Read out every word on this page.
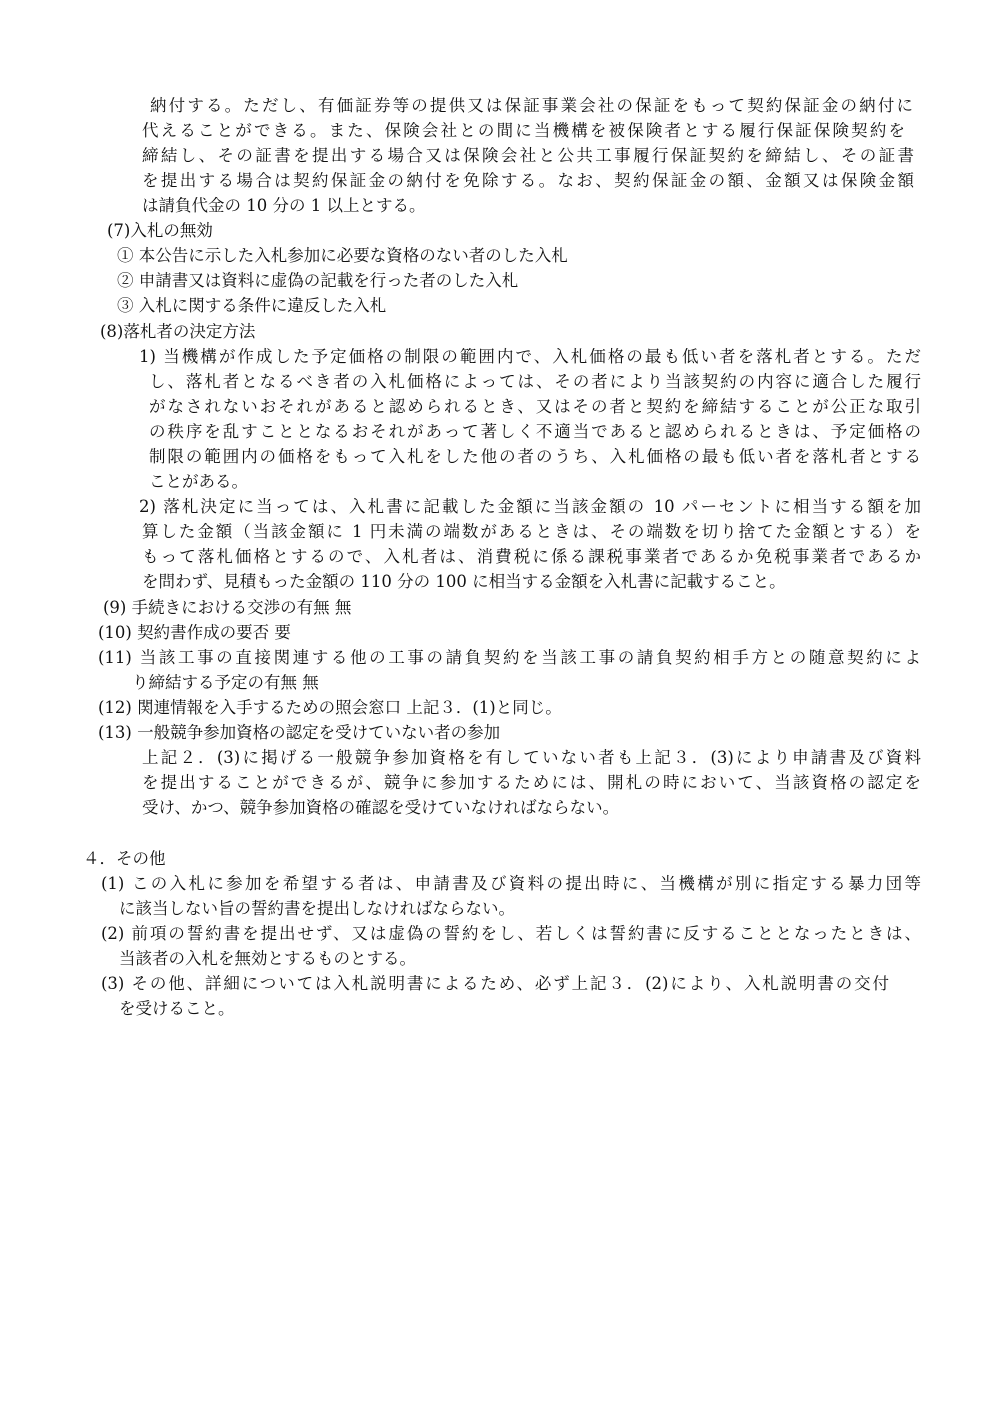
納付する。ただし、有価証券等の提供又は保証事業会社の保証をもって契約保証金の納付に
代えることができる。また、保険会社との間に当機構を被保険者とする履行保証保険契約を
締結し、その証書を提出する場合又は保険会社と公共工事履行保証契約を締結し、その証書
を提出する場合は契約保証金の納付を免除する。なお、契約保証金の額、金額又は保険金額
は請負代金の 10 分の 1 以上とする。
(7)入札の無効
① 本公告に示した入札参加に必要な資格のない者のした入札
② 申請書又は資料に虚偽の記載を行った者のした入札
③ 入札に関する条件に違反した入札
(8)落札者の決定方法
1) 当機構が作成した予定価格の制限の範囲内で、入札価格の最も低い者を落札者とする。ただ
し、落札者となるべき者の入札価格によっては、その者により当該契約の内容に適合した履行
がなされないおそれがあると認められるとき、又はその者と契約を締結することが公正な取引
の秩序を乱すこととなるおそれがあって著しく不適当であると認められるときは、予定価格の
制限の範囲内の価格をもって入札をした他の者のうち、入札価格の最も低い者を落札者とする
ことがある。
2) 落札決定に当っては、入札書に記載した金額に当該金額の 10 パーセントに相当する額を加
算した金額（当該金額に 1 円未満の端数があるときは、その端数を切り捨てた金額とする）を
もって落札価格とするので、入札者は、消費税に係る課税事業者であるか免税事業者であるか
を問わず、見積もった金額の 110 分の 100 に相当する金額を入札書に記載すること。
(9) 手続きにおける交渉の有無 無
(10) 契約書作成の要否 要
(11) 当該工事の直接関連する他の工事の請負契約を当該工事の請負契約相手方との随意契約によ
り締結する予定の有無 無
(12) 関連情報を入手するための照会窓口 上記３．(1)と同じ。
(13) 一般競争参加資格の認定を受けていない者の参加
上記２．(3)に掲げる一般競争参加資格を有していない者も上記３．(3)により申請書及び資料
を提出することができるが、競争に参加するためには、開札の時において、当該資格の認定を
受け、かつ、競争参加資格の確認を受けていなければならない。
４．その他
(1) この入札に参加を希望する者は、申請書及び資料の提出時に、当機構が別に指定する暴力団等
に該当しない旨の誓約書を提出しなければならない。
(2) 前項の誓約書を提出せず、又は虚偽の誓約をし、若しくは誓約書に反することとなったときは、
当該者の入札を無効とするものとする。
(3) その他、詳細については入札説明書によるため、必ず上記３．(2)により、入札説明書の交付
を受けること。
